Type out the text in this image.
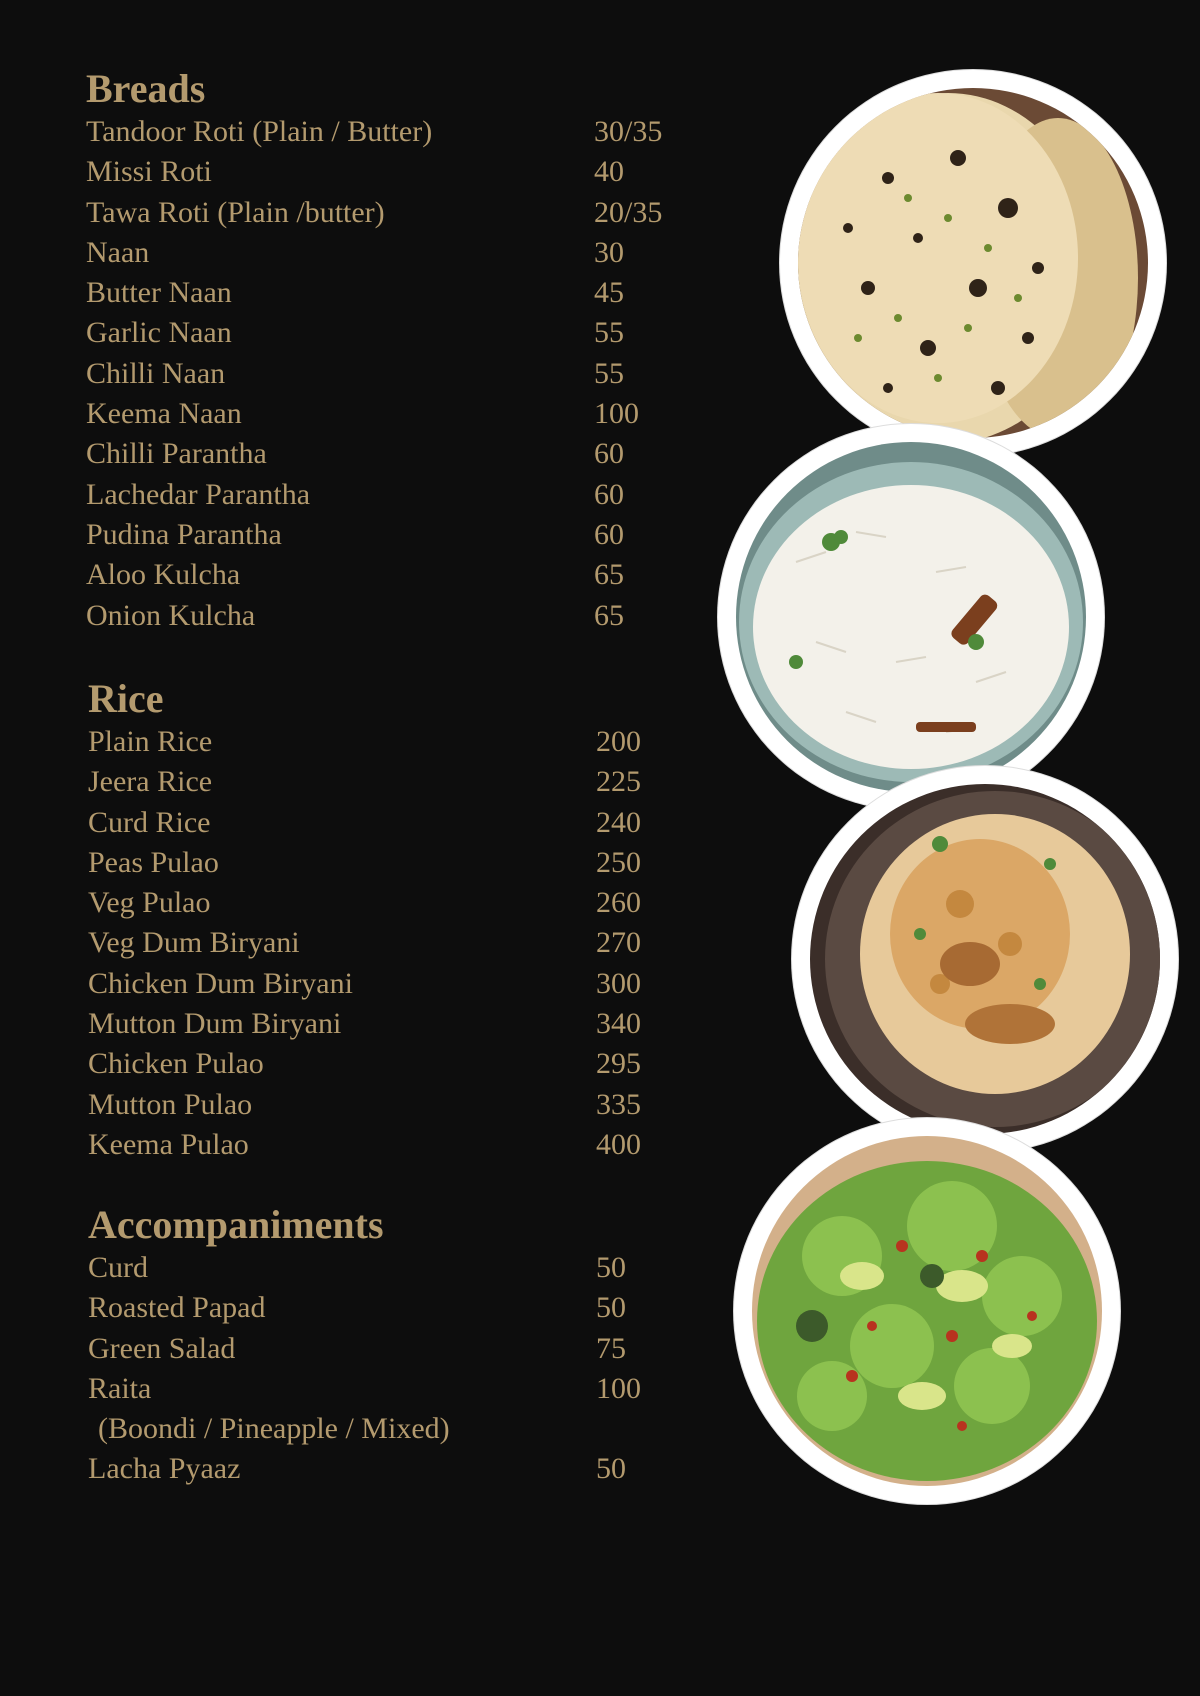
Breads
Tandoor Roti (Plain / Butter)	30/35
Missi Roti	40
Tawa Roti (Plain /butter)	20/35
Naan	30
Butter Naan	45
Garlic Naan	55
Chilli Naan	55
Keema Naan	100
Chilli Parantha	60
Lachedar Parantha	60
Pudina Parantha	60
Aloo Kulcha	65
Onion Kulcha	65
Rice
Plain Rice	200
Jeera Rice	225
Curd Rice	240
Peas Pulao	250
Veg Pulao	260
Veg Dum Biryani	270
Chicken Dum Biryani	300
Mutton Dum Biryani	340
Chicken Pulao	295
Mutton Pulao	335
Keema Pulao	400
Accompaniments
Curd	50
Roasted Papad	50
Green Salad	75
Raita	100
(Boondi / Pineapple / Mixed)
Lacha Pyaaz	50
